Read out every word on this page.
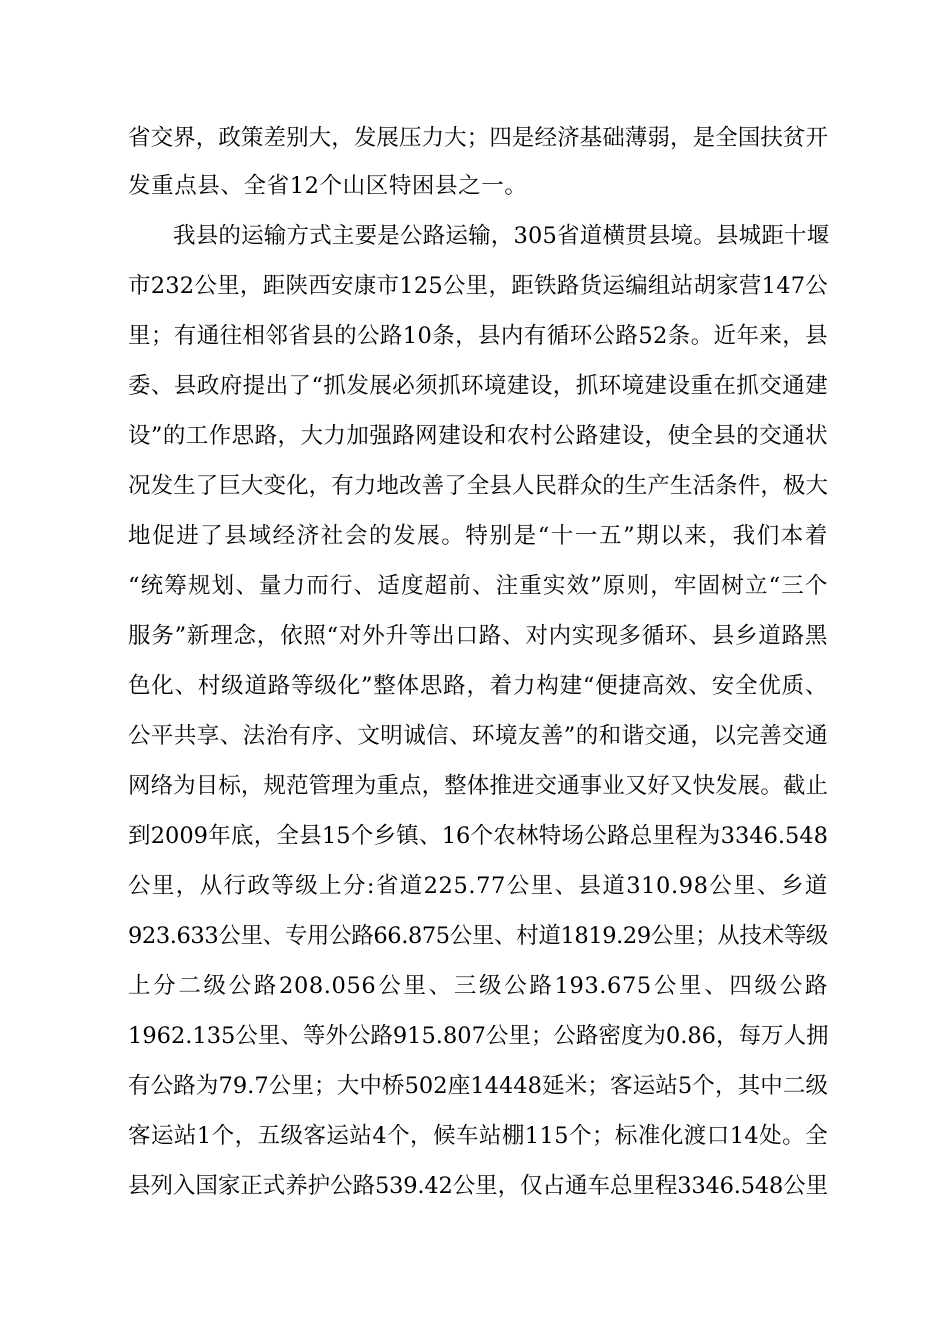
省交界，政策差别大，发展压力大；四是经济基础薄弱，是全国扶贫开
发重点县、全省12个山区特困县之一。
我县的运输方式主要是公路运输，305省道横贯县境。县城距十堰
市232公里，距陕西安康市125公里，距铁路货运编组站胡家营147公
里；有通往相邻省县的公路10条，县内有循环公路52条。近年来，县
委、县政府提出了“抓发展必须抓环境建设，抓环境建设重在抓交通建
设”的工作思路，大力加强路网建设和农村公路建设，使全县的交通状
况发生了巨大变化，有力地改善了全县人民群众的生产生活条件，极大
地促进了县域经济社会的发展。特别是“十一五”期以来，我们本着
“统筹规划、量力而行、适度超前、注重实效”原则，牢固树立“三个
服务”新理念，依照“对外升等出口路、对内实现多循环、县乡道路黑
色化、村级道路等级化”整体思路，着力构建“便捷高效、安全优质、
公平共享、法治有序、文明诚信、环境友善”的和谐交通，以完善交通
网络为目标，规范管理为重点，整体推进交通事业又好又快发展。截止
到2009年底，全县15个乡镇、16个农林特场公路总里程为3346.548
公里，从行政等级上分:省道225.77公里、县道310.98公里、乡道
923.633公里、专用公路66.875公里、村道1819.29公里；从技术等级
上分二级公路208.056公里、三级公路193.675公里、四级公路
1962.135公里、等外公路915.807公里；公路密度为0.86，每万人拥
有公路为79.7公里；大中桥502座14448延米；客运站5个，其中二级
客运站1个，五级客运站4个，候车站棚115个；标准化渡口14处。全
县列入国家正式养护公路539.42公里，仅占通车总里程3346.548公里
